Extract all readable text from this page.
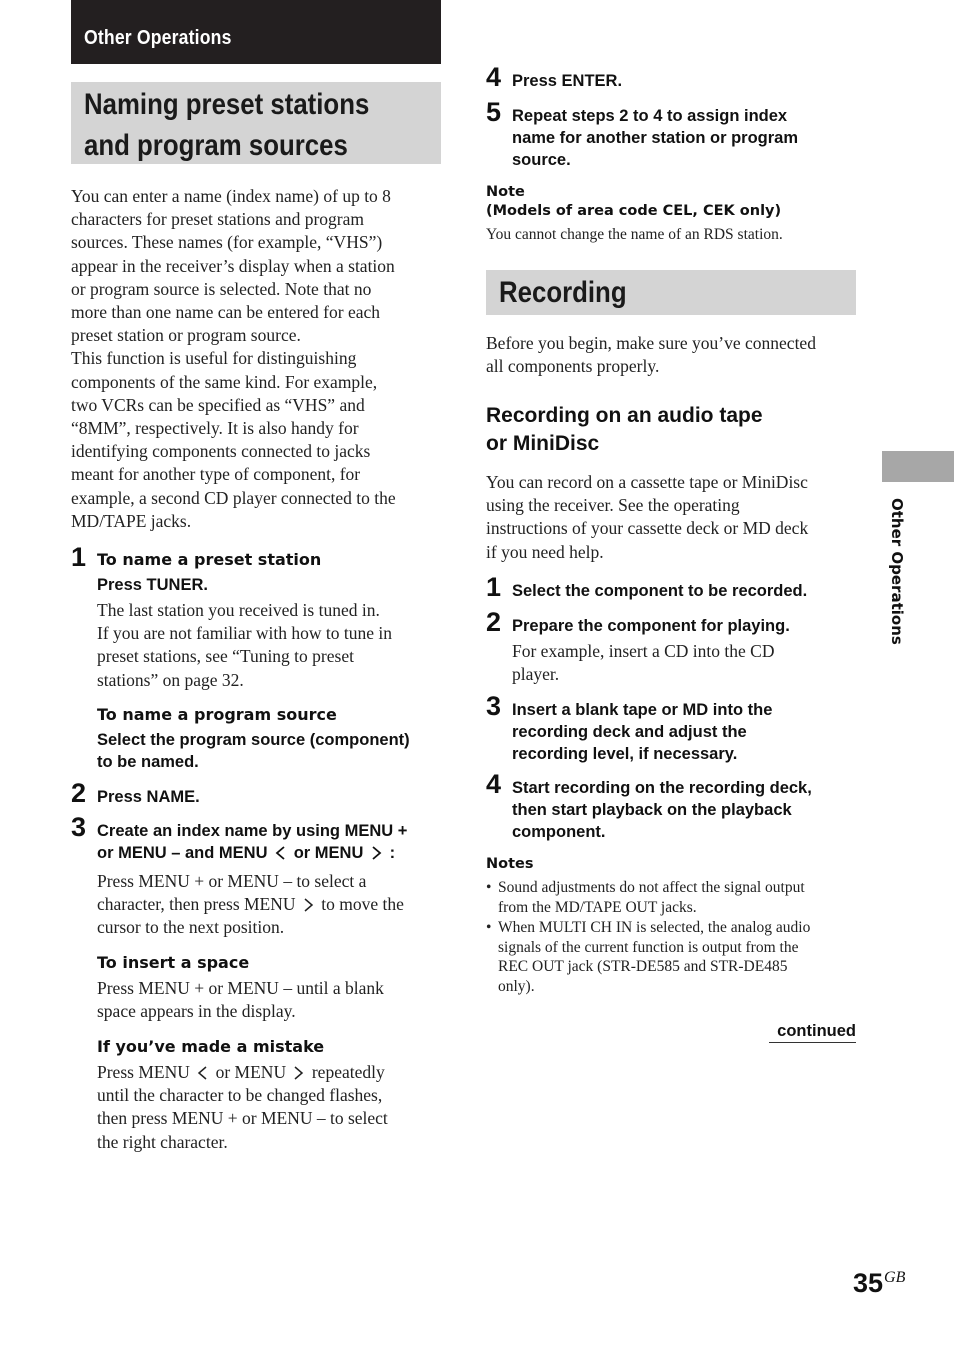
Other Operations
Naming preset stations
and program sources
You can enter a name (index name) of up to 8
characters for preset stations and program
sources. These names (for example, “VHS”)
appear in the receiver’s display when a station
or program source is selected. Note that no
more than one name can be entered for each
preset station or program source.
This function is useful for distinguishing
components of the same kind. For example,
two VCRs can be specified as “VHS” and
“8MM”, respectively. It is also handy for
identifying components connected to jacks
meant for another type of component, for
example, a second CD player connected to the
MD/TAPE jacks.
1 To name a preset station
Press TUNER.
The last station you received is tuned in.
If you are not familiar with how to tune in
preset stations, see “Tuning to preset
stations” on page 32.
To name a program source
Select the program source (component)
to be named.
2 Press NAME.
3 Create an index name by using MENU +
or MENU – and MENU or MENU :
Press MENU + or MENU – to select a
character, then press MENU to move the
cursor to the next position.
To insert a space
Press MENU + or MENU – until a blank
space appears in the display.
If you’ve made a mistake
Press MENU or MENU repeatedly
until the character to be changed flashes,
then press MENU + or MENU – to select
the right character.
4 Press ENTER.
5 Repeat steps 2 to 4 to assign index
name for another station or program
source.
Note
(Models of area code CEL, CEK only)
You cannot change the name of an RDS station.
Recording
Before you begin, make sure you’ve connected
all components properly.
Recording on an audio tape
or MiniDisc
You can record on a cassette tape or MiniDisc
using the receiver. See the operating
instructions of your cassette deck or MD deck
if you need help.
1 Select the component to be recorded.
2 Prepare the component for playing.
For example, insert a CD into the CD
player.
3 Insert a blank tape or MD into the
recording deck and adjust the
recording level, if necessary.
4 Start recording on the recording deck,
then start playback on the playback
component.
Notes
• Sound adjustments do not affect the signal output
from the MD/TAPE OUT jacks.
• When MULTI CH IN is selected, the analog audio
signals of the current function is output from the
REC OUT jack (STR-DE585 and STR-DE485
only).
continued
Other Operations
35GB
